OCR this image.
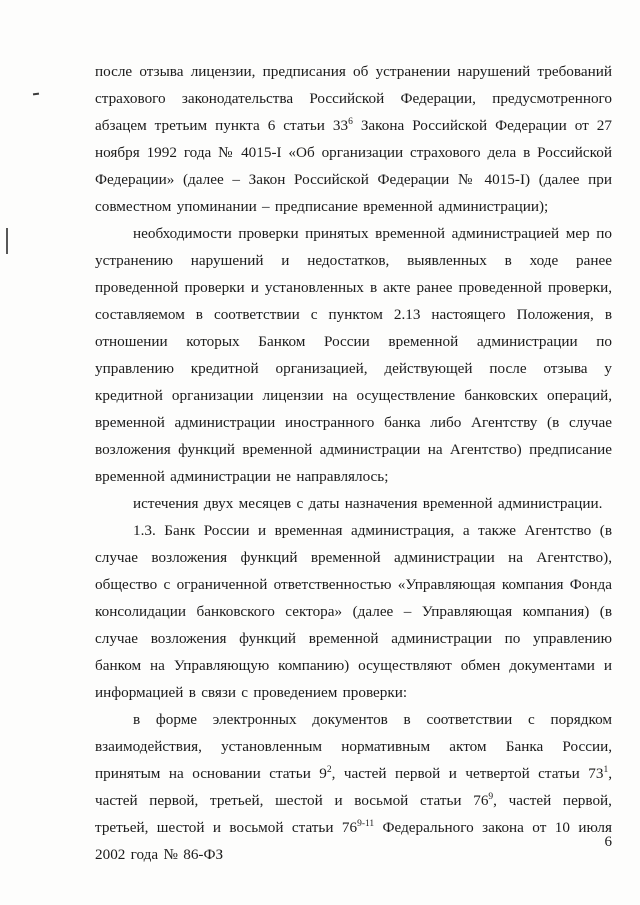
после отзыва лицензии, предписания об устранении нарушений требований страхового законодательства Российской Федерации, предусмотренного абзацем третьим пункта 6 статьи $33^6$ Закона Российской Федерации от 27 ноября 1992 года № 4015-I «Об организации страхового дела в Российской Федерации» (далее – Закон Российской Федерации № 4015-I) (далее при совместном упоминании – предписание временной администрации);

необходимости проверки принятых временной администрацией мер по устранению нарушений и недостатков, выявленных в ходе ранее проведенной проверки и установленных в акте ранее проведенной проверки, составляемом в соответствии с пунктом 2.13 настоящего Положения, в отношении которых Банком России временной администрации по управлению кредитной организацией, действующей после отзыва у кредитной организации лицензии на осуществление банковских операций, временной администрации иностранного банка либо Агентству (в случае возложения функций временной администрации на Агентство) предписание временной администрации не направлялось;

истечения двух месяцев с даты назначения временной администрации.

1.3. Банк России и временная администрация, а также Агентство (в случае возложения функций временной администрации на Агентство), общество с ограниченной ответственностью «Управляющая компания Фонда консолидации банковского сектора» (далее – Управляющая компания) (в случае возложения функций временной администрации по управлению банком на Управляющую компанию) осуществляют обмен документами и информацией в связи с проведением проверки:

в форме электронных документов в соответствии с порядком взаимодействия, установленным нормативным актом Банка России, принятым на основании статьи $9^2$, частей первой и четвертой статьи $73^1$, частей первой, третьей, шестой и восьмой статьи $76^9$, частей первой, третьей, шестой и восьмой статьи 76$^{9-11}$ Федерального закона от 10 июля 2002 года № 86-ФЗ

6
